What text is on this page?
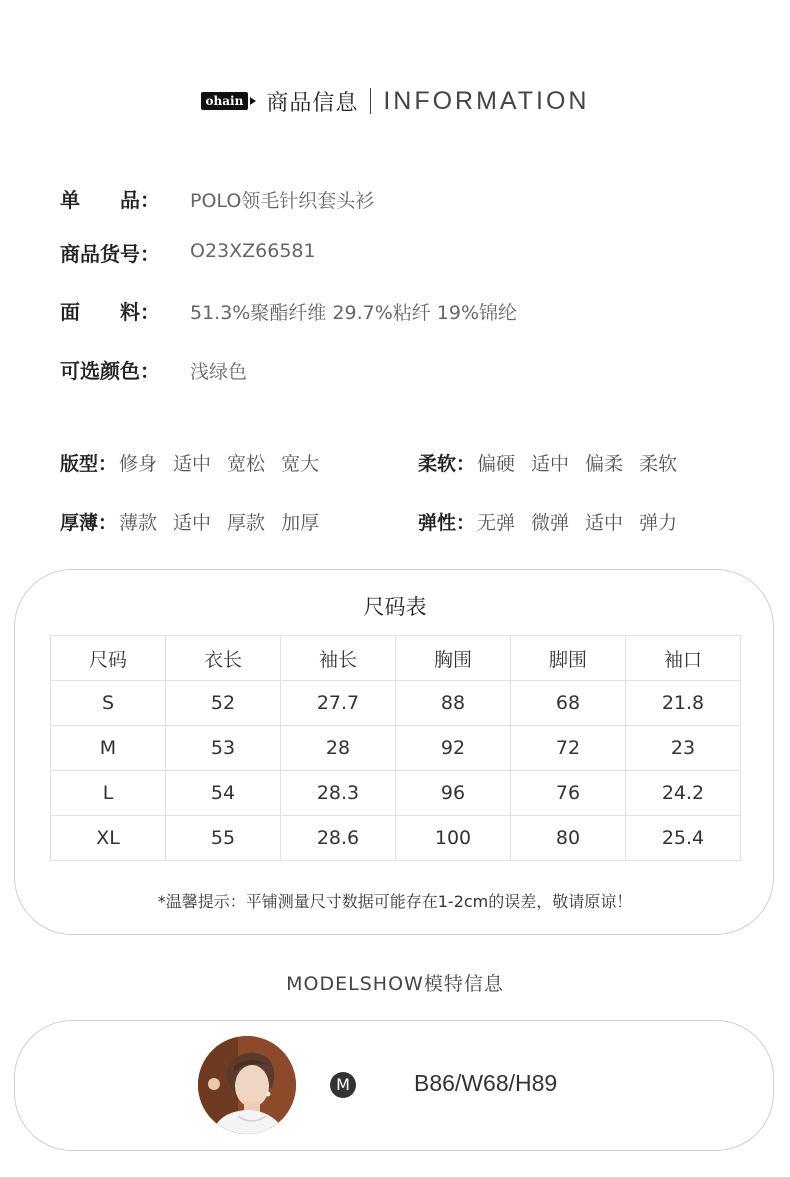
ohain 商品信息 INFORMATION
单　　品： POLO领毛针织套头衫
商品货号： O23XZ66581
面　　料： 51.3%聚酯纤维 29.7%粘纤 19%锦纶
可选颜色： 浅绿色
版型： 修身 适中 宽松 宽大	柔软： 偏硬 适中 偏柔 柔软
厚薄： 薄款 适中 厚款 加厚	弹性： 无弹 微弹 适中 弹力
尺码表
尺码	衣长	袖长	胸围	脚围	袖口
S	52	27.7	88	68	21.8
M	53	28	92	72	23
L	54	28.3	96	76	24.2
XL	55	28.6	100	80	25.4
*温馨提示：平铺测量尺寸数据可能存在1-2cm的误差，敬请原谅！
MODELSHOW模特信息
M	B86/W68/H89
